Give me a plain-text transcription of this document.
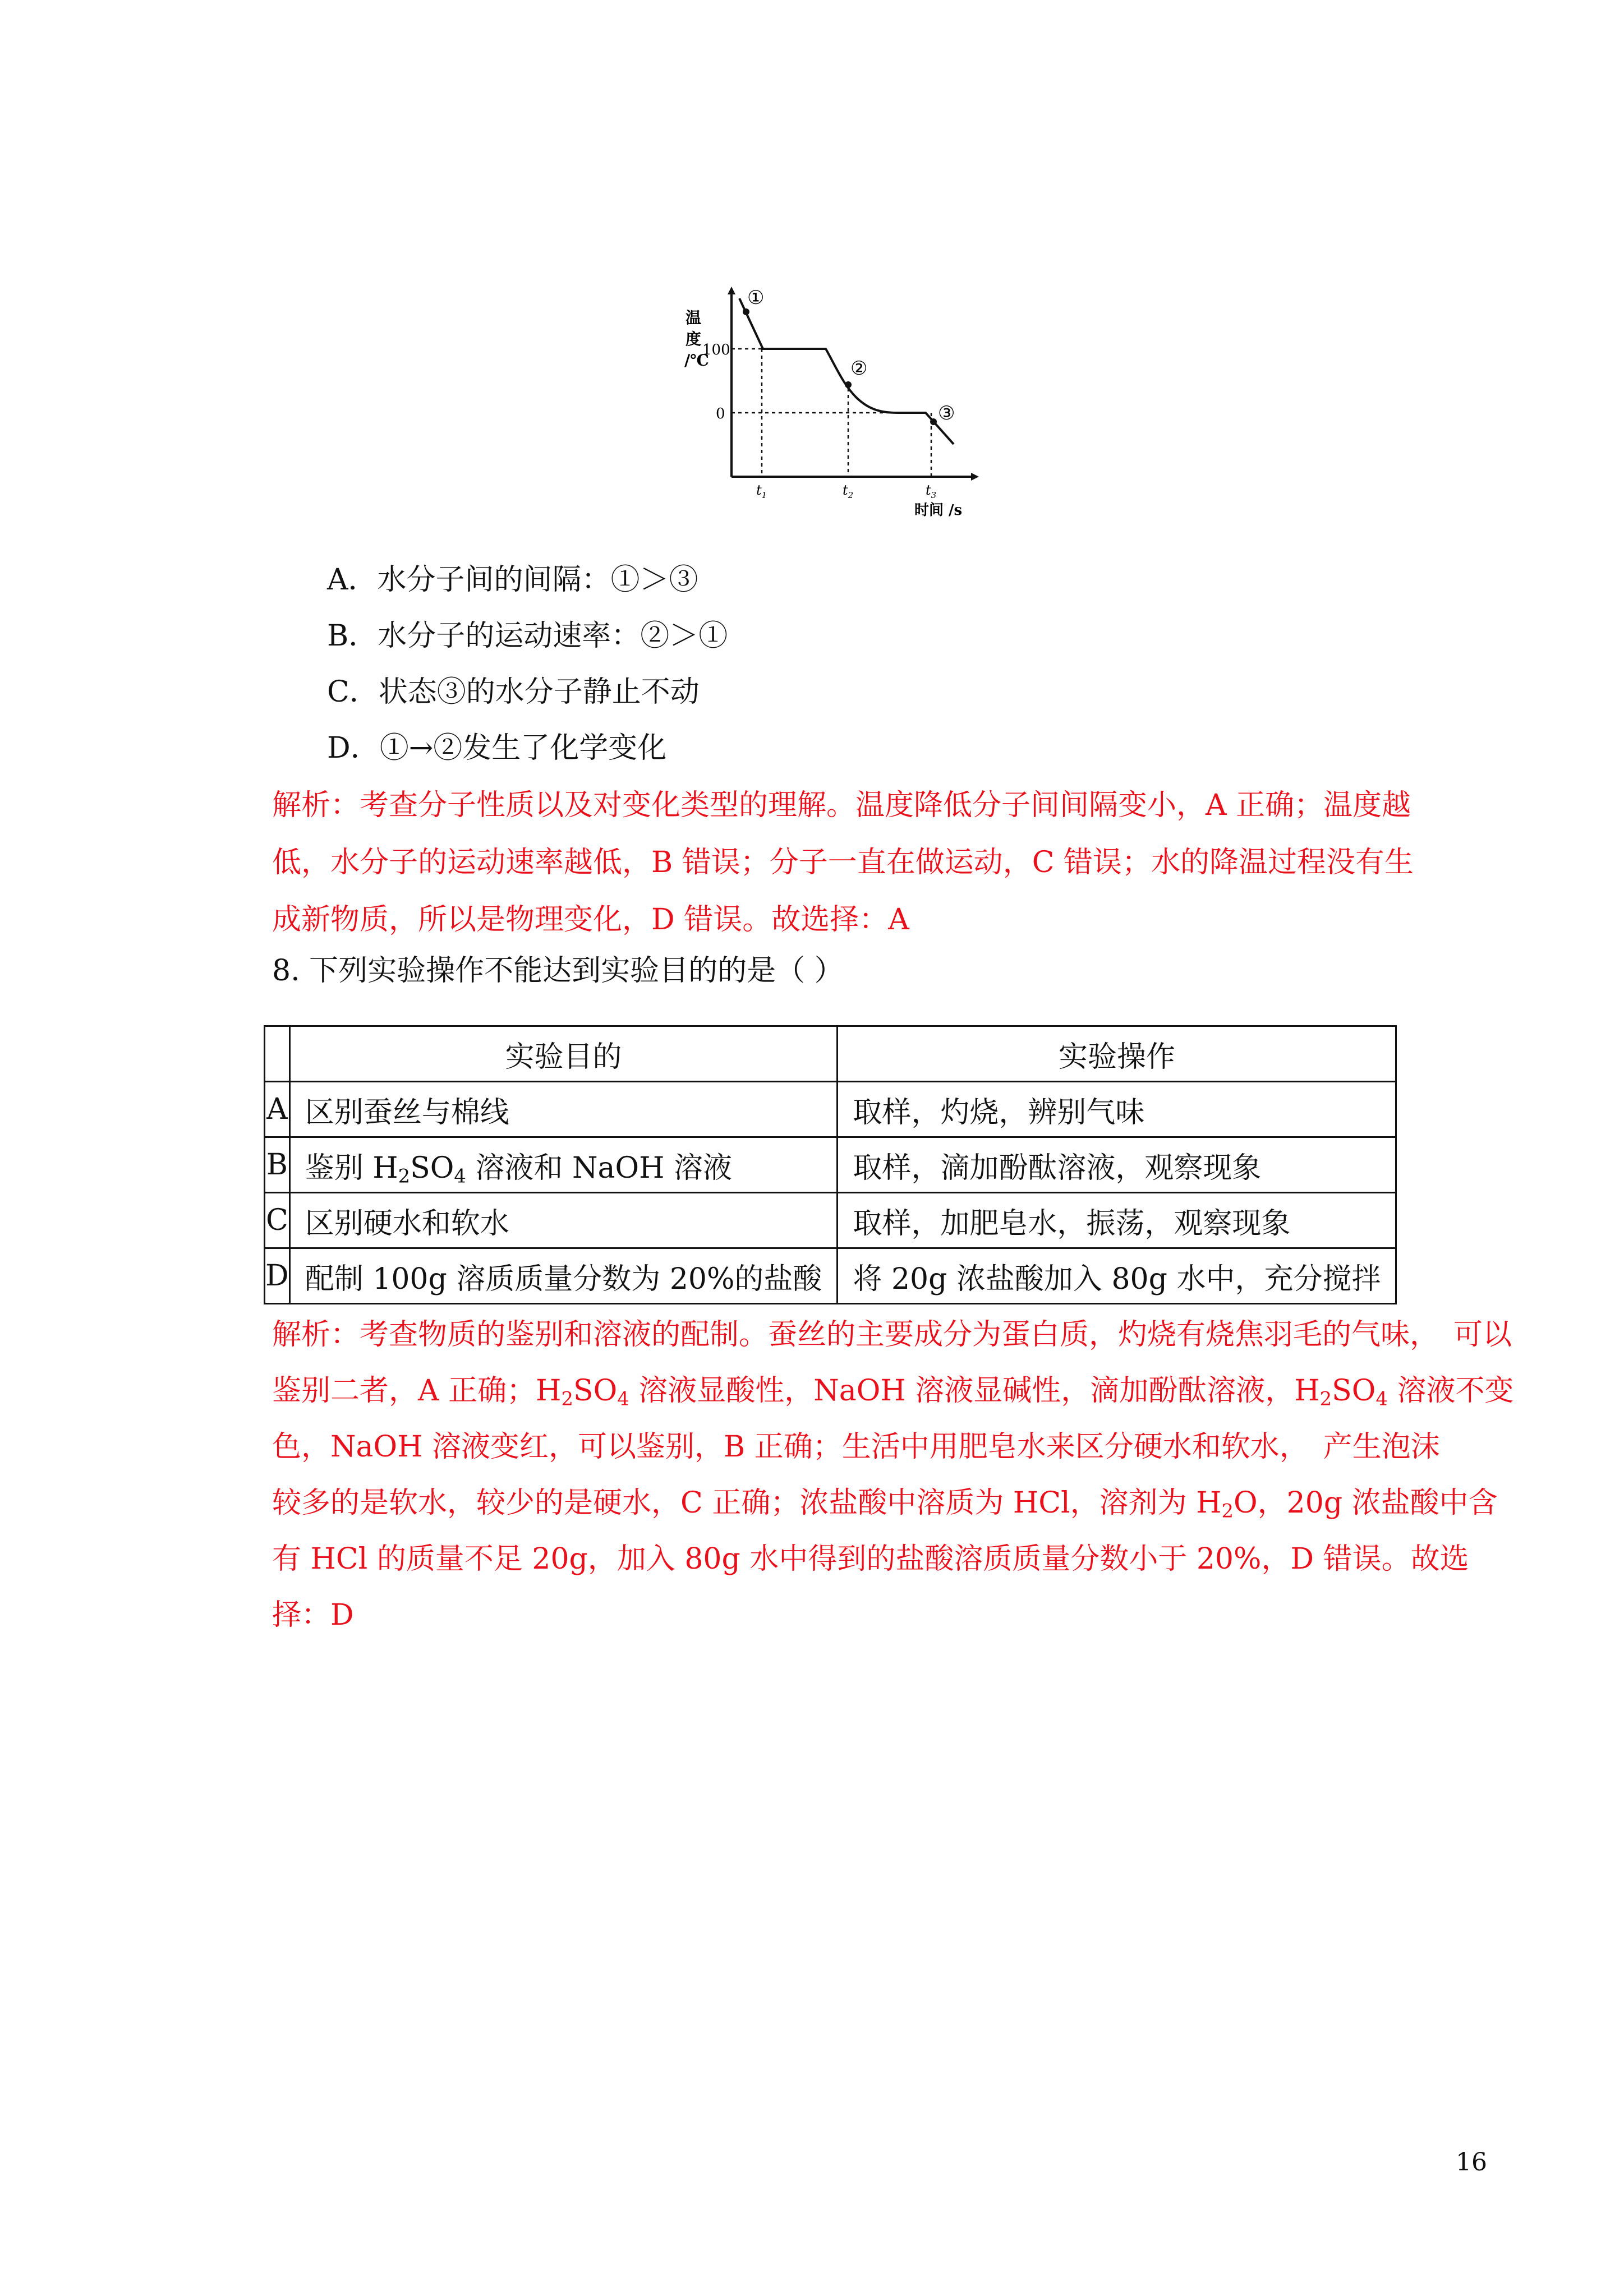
①
②
③
温
度
/℃
100
0
$t_1$	$t_2$	$t_3$
时间 /s
A．水分子间的间隔：①＞③
B．水分子的运动速率：②＞①
C．状态③的水分子静止不动
D．①→②发生了化学变化
解析：考查分子性质以及对变化类型的理解。温度降低分子间间隔变小，A 正确；温度越
低，水分子的运动速率越低，B 错误；分子一直在做运动，C 错误；水的降温过程没有生
成新物质，所以是物理变化，D 错误。故选择：A
8. 下列实验操作不能达到实验目的的是（ ）
	实验目的	实验操作
A	区别蚕丝与棉线	取样，灼烧，辨别气味
B	鉴别 $H_2SO_4$ 溶液和 NaOH 溶液	取样，滴加酚酞溶液，观察现象
C	区别硬水和软水	取样，加肥皂水，振荡，观察现象
D	配制 100g 溶质质量分数为 20%的盐酸	将 20g 浓盐酸加入 80g 水中，充分搅拌
解析：考查物质的鉴别和溶液的配制。蚕丝的主要成分为蛋白质，灼烧有烧焦羽毛的气味，　可以
鉴别二者，A 正确；$H_2SO_4$ 溶液显酸性，NaOH 溶液显碱性，滴加酚酞溶液，$H_2SO_4$ 溶液不变
色，NaOH 溶液变红，可以鉴别，B 正确；生活中用肥皂水来区分硬水和软水，　产生泡沫
较多的是软水，较少的是硬水，C 正确；浓盐酸中溶质为 HCl，溶剂为 $H_2O$，20g 浓盐酸中含
有 HCl 的质量不足 20g，加入 80g 水中得到的盐酸溶质质量分数小于 20%，D 错误。故选
择：D
16
